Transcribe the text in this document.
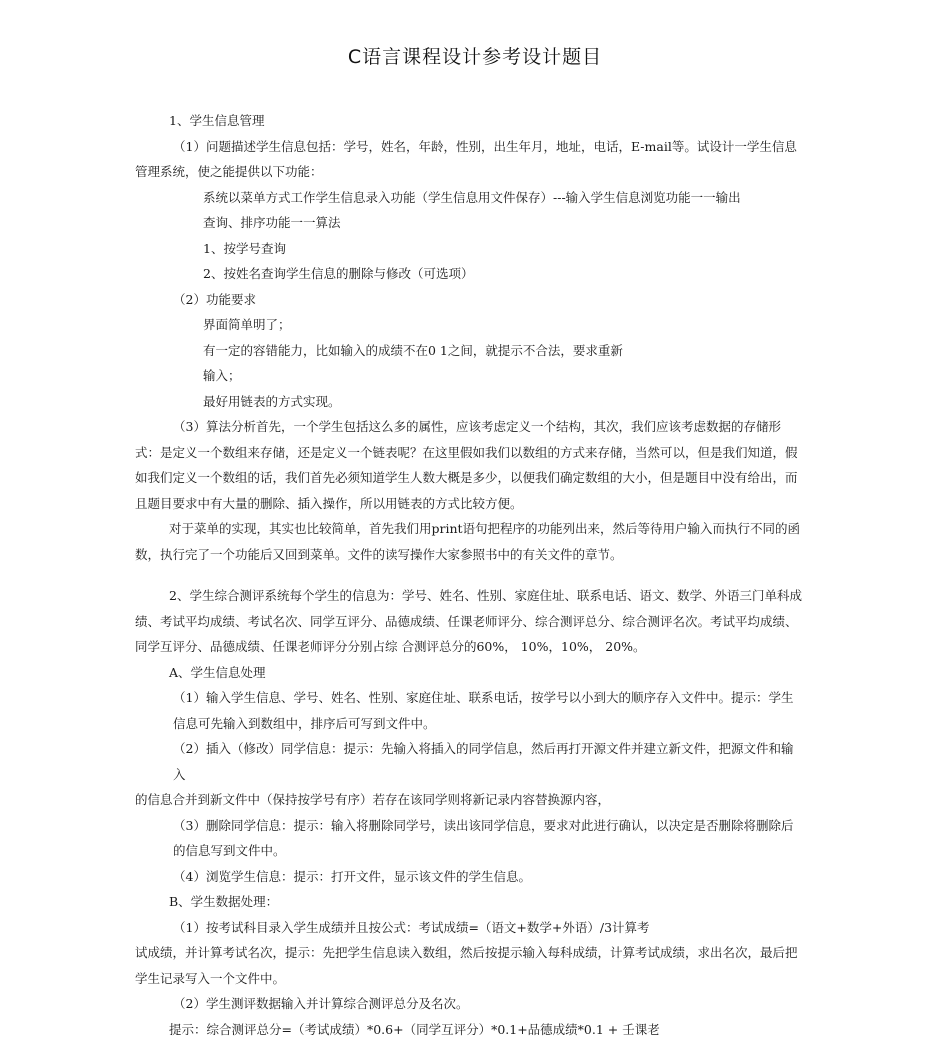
C语言课程设计参考设计题目

1、学生信息管理

（1）问题描述学生信息包括：学号，姓名，年龄，性别，出生年月，地址，电话，E-mail等。试设计一学生信息管理系统，使之能提供以下功能：

系统以菜单方式工作学生信息录入功能（学生信息用文件保存）---输入学生信息浏览功能一一输出

查询、排序功能一一算法

1、按学号查询

2、按姓名查询学生信息的删除与修改（可选项）

（2）功能要求

界面简单明了；

有一定的容错能力，比如输入的成绩不在0 1之间，就提示不合法，要求重新

输入；

最好用链表的方式实现。

（3）算法分析首先，一个学生包括这么多的属性，应该考虑定义一个结构，其次，我们应该考虑数据的存储形式：是定义一个数组来存储，还是定义一个链表呢？在这里假如我们以数组的方式来存储，当然可以，但是我们知道，假如我们定义一个数组的话，我们首先必须知道学生人数大概是多少，以便我们确定数组的大小，但是题目中没有给出，而且题目要求中有大量的删除、插入操作，所以用链表的方式比较方便。

对于菜单的实现，其实也比较简单，首先我们用print语句把程序的功能列出来，然后等待用户输入而执行不同的函数，执行完了一个功能后又回到菜单。文件的读写操作大家参照书中的有关文件的章节。

2、学生综合测评系统每个学生的信息为：学号、姓名、性别、家庭住址、联系电话、语文、数学、外语三门单科成绩、考试平均成绩、考试名次、同学互评分、品德成绩、任课老师评分、综合测评总分、综合测评名次。考试平均成绩、同学互评分、品德成绩、任课老师评分分别占综 合测评总分的60%， 10%，10%， 20%。

A、学生信息处理

（1）输入学生信息、学号、姓名、性别、家庭住址、联系电话，按学号以小到大的顺序存入文件中。提示：学生信息可先输入到数组中，排序后可写到文件中。

（2）插入（修改）同学信息：提示：先输入将插入的同学信息，然后再打开源文件并建立新文件，把源文件和输入

的信息合并到新文件中（保持按学号有序）若存在该同学则将新记录内容替换源内容，

（3）删除同学信息：提示：输入将删除同学号，读出该同学信息，要求对此进行确认，以决定是否删除将删除后的信息写到文件中。

（4）浏览学生信息：提示：打开文件，显示该文件的学生信息。

B、学生数据处理：

（1）按考试科目录入学生成绩并且按公式：考试成绩=（语文+数学+外语）/3计算考

试成绩，并计算考试名次，提示：先把学生信息读入数组，然后按提示输入每科成绩，计算考试成绩，求出名次，最后把学生记录写入一个文件中。

（2）学生测评数据输入并计算综合测评总分及名次。

提示：综合测评总分=（考试成绩）*0.6+（同学互评分）*0.1+品德成绩*0.1 + 壬课老
